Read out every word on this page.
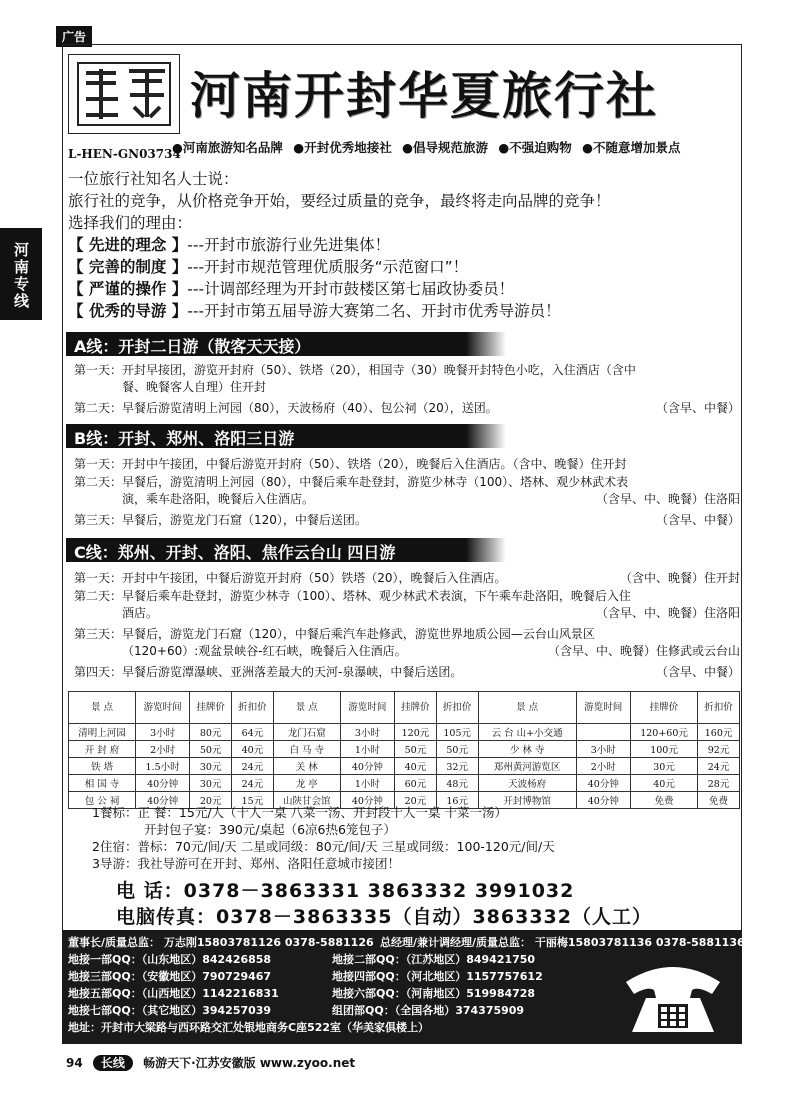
广告
河南专线
河南开封华夏旅行社
L-HEN-GN03734
●河南旅游知名品牌 ●开封优秀地接社 ●倡导规范旅游 ●不强迫购物 ●不随意增加景点
一位旅行社知名人士说：
旅行社的竞争，从价格竞争开始，要经过质量的竞争，最终将走向品牌的竞争！
选择我们的理由：
【 先进的理念 】---开封市旅游行业先进集体！
【 完善的制度 】---开封市规范管理优质服务“示范窗口”！
【 严谨的操作 】---计调部经理为开封市鼓楼区第七届政协委员！
【 优秀的导游 】---开封市第五届导游大赛第二名、开封市优秀导游员！
A线：开封二日游（散客天天接）
第一天：开封早接团，游览开封府（50）、铁塔（20），相国寺（30）晚餐开封特色小吃，入住酒店（含中
餐、晚餐客人自理）住开封
第二天：早餐后游览清明上河园（80），天波杨府（40）、包公祠（20），送团。	（含早、中餐）
B线：开封、郑州、洛阳三日游
第一天：开封中午接团，中餐后游览开封府（50）、铁塔（20），晚餐后入住酒店。（含中、晚餐）住开封
第二天：早餐后，游览清明上河园（80），中餐后乘车赴登封，游览少林寺（100）、塔林、观少林武术表
演，乘车赴洛阳，晚餐后入住酒店。	（含早、中、晚餐）住洛阳
第三天：早餐后，游览龙门石窟（120），中餐后送团。	（含早、中餐）
C线：郑州、开封、洛阳、焦作云台山 四日游
第一天：开封中午接团，中餐后游览开封府（50）铁塔（20），晚餐后入住酒店。	（含中、晚餐）住开封
第二天：早餐后乘车赴登封，游览少林寺（100）、塔林、观少林武术表演，下午乘车赴洛阳，晚餐后入住
酒店。	（含早、中、晚餐）住洛阳
第三天：早餐后，游览龙门石窟（120），中餐后乘汽车赴修武，游览世界地质公园—云台山风景区
（120+60）:观盆景峡谷-红石峡，晚餐后入住酒店。	（含早、中、晚餐）住修武或云台山
第四天：早餐后游览潭瀑峡、亚洲落差最大的天河-泉瀑峡，中餐后送团。	（含早、中餐）
景 点	游览时间	挂牌价	折扣价	景 点	游览时间	挂牌价	折扣价	景 点	游览时间	挂牌价	折扣价
清明上河园	3小时	80元	64元	龙门石窟	3小时	120元	105元	云 台 山+小交通		120+60元	160元
开 封 府	2小时	50元	40元	白 马 寺	1小时	50元	50元	少 林 寺	3小时	100元	92元
铁 塔	1.5小时	30元	24元	关 林	40分钟	40元	32元	郑州黄河游览区	2小时	30元	24元
相 国 寺	40分钟	30元	24元	龙 亭	1小时	60元	48元	天波杨府	40分钟	40元	28元
包 公 祠	40分钟	20元	15元	山陕甘会馆	40分钟	20元	16元	开封博物馆	40分钟	免费	免费
1餐标：正 餐：15元/人（十人一桌 八菜一汤、开封段十人一桌 十菜一汤）
开封包子宴：390元/桌起（6凉6热6笼包子）
2住宿：普标：70元/间/天 二星或同级：80元/间/天 三星或同级：100-120元/间/天
3导游：我社导游可在开封、郑州、洛阳任意城市接团！
电 话：0378－3863331 3863332 3991032
电脑传真：0378－3863335（自动）3863332（人工）
董事长/质量总监： 万志刚15803781126 0378-5881126 总经理/兼计调经理/质量总监： 干丽梅15803781136 0378-5881136
地接一部QQ：（山东地区）842426858	地接二部QQ：（江苏地区）849421750
地接三部QQ：（安徽地区）790729467	地接四部QQ：（河北地区）1157757612
地接五部QQ：（山西地区）1142216831	地接六部QQ：（河南地区）519984728
地接七部QQ：（其它地区）394257039	组团部QQ：（全国各地）374375909
地址：开封市大梁路与西环路交汇处银地商务C座522室（华美家俱楼上）
94 长线 畅游天下·江苏安徽版 www.zyoo.net
